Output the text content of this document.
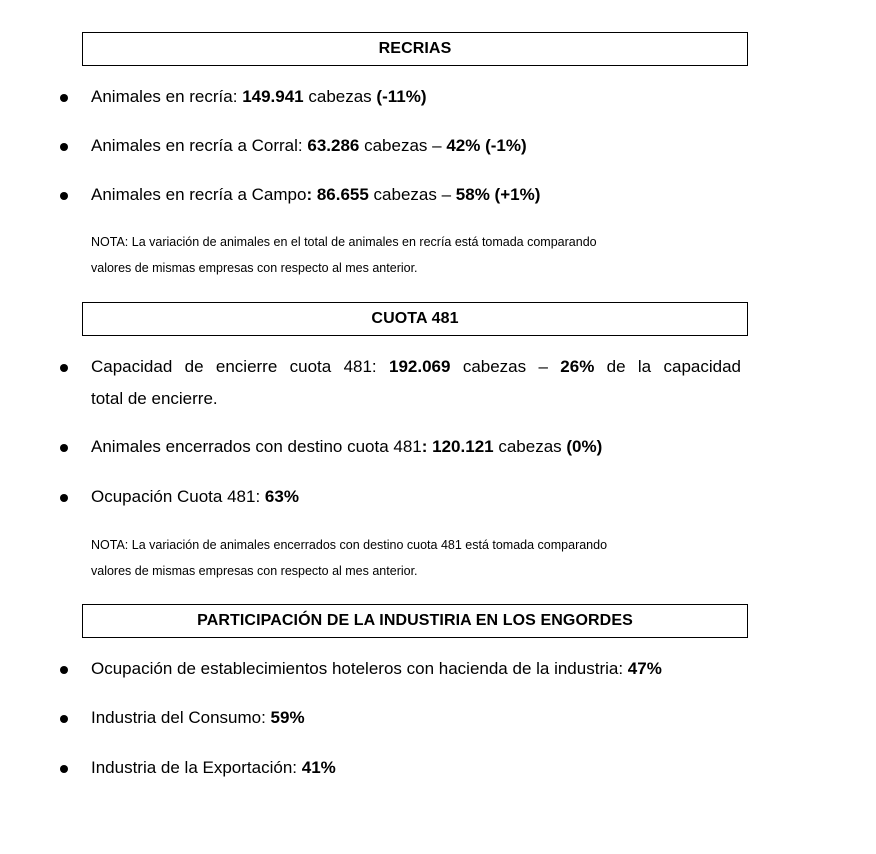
RECRIAS
Animales en recría: 149.941 cabezas (-11%)
Animales en recría a Corral: 63.286 cabezas – 42% (-1%)
Animales en recría a Campo: 86.655 cabezas – 58% (+1%)
NOTA: La variación de animales en el total de animales en recría está tomada comparando
valores de mismas empresas con respecto al mes anterior.
CUOTA 481
Capacidad de encierre cuota 481: 192.069 cabezas – 26% de la capacidad
total de encierre.
Animales encerrados con destino cuota 481: 120.121 cabezas (0%)
Ocupación Cuota 481: 63%
NOTA: La variación de animales encerrados con destino cuota 481 está tomada comparando
valores de mismas empresas con respecto al mes anterior.
PARTICIPACIÓN DE LA INDUSTIRIA EN LOS ENGORDES
Ocupación de establecimientos hoteleros con hacienda de la industria: 47%
Industria del Consumo: 59%
Industria de la Exportación: 41%
